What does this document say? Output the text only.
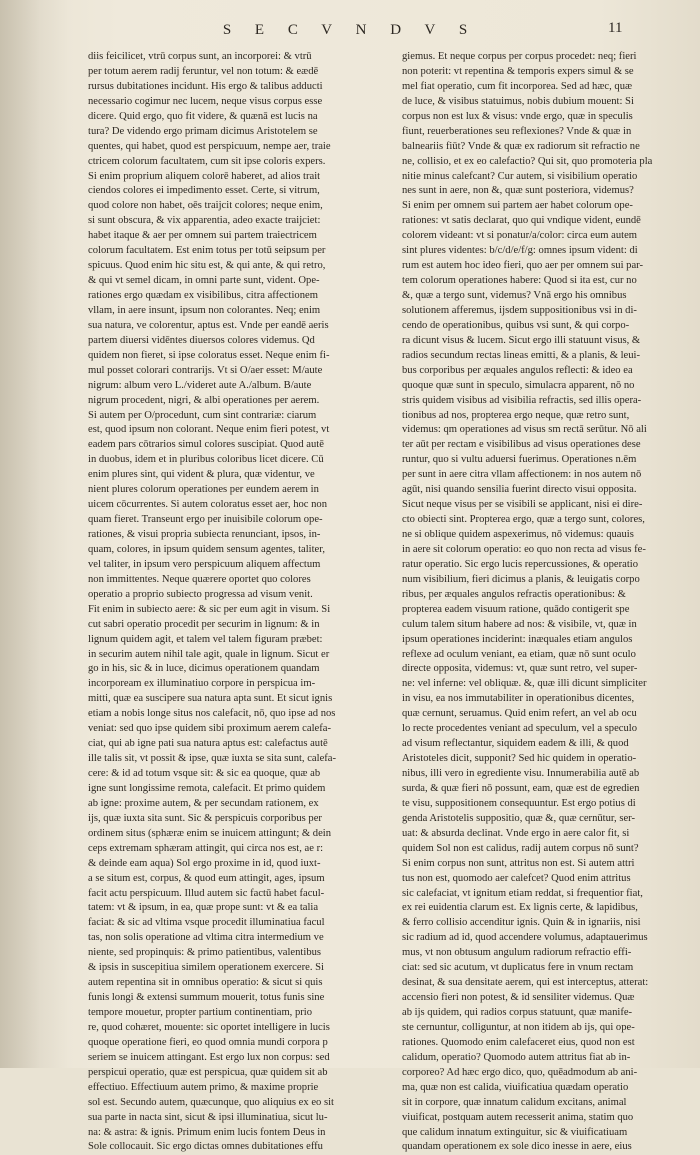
S E C V N D V S	11
diis feicilicet, vtrū corpus sunt, an incorporei: & vtrū
per totum aerem radij feruntur, vel non totum: & eædē
rursus dubitationes incidunt. His ergo & talibus adducti
necessario cogimur nec lucem, neque visus corpus esse
dicere. Quid ergo, quo fit videre, & quænā est lucis na
tura? De videndo ergo primam dicimus Aristotelem se
quentes, qui habet, quod est perspicuum, nempe aer, traie
ctricem colorum facultatem, cum sit ipse coloris expers.
Si enim proprium aliquem colorē haberet, ad alios trait
ciendos colores ei impedimento esset. Certe, si vitrum,
quod colore non habet, oēs traijcit colores; neque enim,
si sunt obscura, & vix apparentia, adeo exacte traijciet:
habet itaque & aer per omnem sui partem traiectricem
colorum facultatem. Est enim totus per totū seipsum per
spicuus. Quod enim hic situ est, & qui ante, & qui retro,
& qui vt semel dicam, in omni parte sunt, vident. Ope-
rationes ergo quædam ex visibilibus, citra affectionem
vllam, in aere insunt, ipsum non colorantes. Neq; enim
sua natura, ve colorentur, aptus est. Vnde per eandē aeris
partem diuersi vidēntes diuersos colores videmus. Qd
quidem non fieret, si ipse coloratus esset. Neque enim fi-
mul posset colorari contrarijs. Vt si O/aer esset: M/aute
nigrum: album vero L./videret aute A./album. B/aute
nigrum procedent, nigri, & albi operationes per aerem.
Si autem per O/procedunt, cum sint contrariæ: ciarum
est, quod ipsum non colorant. Neque enim fieri potest, vt
eadem pars cōtrarios simul colores suscipiat. Quod autē
in duobus, idem et in pluribus coloribus licet dicere. Cū
enim plures sint, qui vident & plura, quæ videntur, ve
nient plures colorum operationes per eundem aerem in
uicem cōcurrentes. Si autem coloratus esset aer, hoc non
quam fieret. Transeunt ergo per inuisibile colorum ope-
rationes, & visui propria subiecta renunciant, ipsos, in-
quam, colores, in ipsum quidem sensum agentes, taliter,
vel taliter, in ipsum vero perspicuum aliquem affectum
non immittentes. Neque quærere oportet quo colores
operatio a proprio subiecto progressa ad visum venit.
Fit enim in subiecto aere: & sic per eum agit in visum. Si
cut sabri operatio procedit per securim in lignum: & in
lignum quidem agit, et talem vel talem figuram præbet:
in securim autem nihil tale agit, quale in lignum. Sicut er
go in his, sic & in luce, dicimus operationem quandam
incorpoream ex illuminatiuo corpore in perspicua im-
mitti, quæ ea suscipere sua natura apta sunt. Et sicut ignis
etiam a nobis longe situs nos calefacit, nō, quo ipse ad nos
veniat: sed quo ipse quidem sibi proximum aerem calefa-
ciat, qui ab igne pati sua natura aptus est: calefactus autē
ille talis sit, vt possit & ipse, quæ iuxta se sita sunt, calefa-
cere: & id ad totum vsque sit: & sic ea quoque, quæ ab
igne sunt longissime remota, calefacit. Et primo quidem
ab igne: proxime autem, & per secundam rationem, ex
ijs, quæ iuxta sita sunt. Sic & perspicuis corporibus per
ordinem situs (sphæræ enim se inuicem attingunt; & dein
ceps extremam sphæram attingit, qui circa nos est, ae r:
& deinde eam aqua) Sol ergo proxime in id, quod iuxt-
a se situm est, corpus, & quod eum attingit, ages, ipsum
facit actu perspicuum. Illud autem sic factū habet facul-
tatem: vt & ipsum, in ea, quæ prope sunt: vt & ea talia
faciat: & sic ad vltima vsque procedit illuminatiua facul
tas, non solis operatione ad vltima citra intermedium ve
niente, sed propinquis: & primo patientibus, valentibus
& ipsis in suscepitiua similem operationem exercere. Si
autem repentina sit in omnibus operatio: & sicut si quis
funis longi & extensi summum mouerit, totus funis sine
tempore mouetur, propter partium continentiam, prio
re, quod cohæret, mouente: sic oportet intelligere in lucis
quoque operatione fieri, eo quod omnia mundi corpora p
seriem se inuicem attingant. Est ergo lux non corpus: sed
perspicui operatio, quæ est perspicua, quæ quidem sit ab
effectiuo. Effectiuum autem primo, & maxime proprie
sol est. Secundo autem, quæcunque, quo aliquius ex eo sit
sua parte in nacta sint, sicut & ipsi illuminatiua, sicut lu-
na: & astra: & ignis. Primum enim lucis fontem Deus in
Sole collocauit. Sic ergo dictas omnes dubitationes effu
giemus. Et neque corpus per corpus procedet: neq; fieri
non poterit: vt repentina & temporis expers simul & se
mel fiat operatio, cum fit incorporea. Sed ad hæc, quæ
de luce, & visibus statuimus, nobis dubium mouent: Si
corpus non est lux & visus: vnde ergo, quæ in speculis
fiunt, reuerberationes seu reflexiones? Vnde & quæ in
balneariis fiūt? Vnde & quæ ex radiorum sit refractio ne
ne, collisio, et ex eo calefactio? Qui sit, quo promoteria pla
nitie minus calefcant? Cur autem, si visibilium operatio
nes sunt in aere, non &, quæ sunt posteriora, videmus?
Si enim per omnem sui partem aer habet colorum ope-
rationes: vt satis declarat, quo qui vndique vident, eundē
colorem videant: vt si ponatur/a/color: circa eum autem
sint plures videntes: b/c/d/e/f/g: omnes ipsum vident: di
rum est autem hoc ideo fieri, quo aer per omnem sui par-
tem colorum operationes habere: Quod si ita est, cur no
&, quæ a tergo sunt, videmus? Vnā ergo his omnibus
solutionem afferemus, ijsdem suppositionibus vsi in di-
cendo de operationibus, quibus vsi sunt, & qui corpo-
ra dicunt visus & lucem. Sicut ergo illi statuunt visus, &
radios secundum rectas lineas emitti, & a planis, & leui-
bus corporibus per æquales angulos reflecti: & ideo ea
quoque quæ sunt in speculo, simulacra apparent, nō no
stris quidem visibus ad visibilia refractis, sed illis opera-
tionibus ad nos, propterea ergo neque, quæ retro sunt,
videmus: qm operationes ad visus sm rectā serūtur. Nō ali
ter aūt per rectam e visibilibus ad visus operationes dese
runtur, quo si vultu aduersi fuerimus. Operationes n.ēm
per sunt in aere citra vllam affectionem: in nos autem nō
agūt, nisi quando sensilia fuerint directo visui opposita.
Sicut neque visus per se visibili se applicant, nisi ei dire-
cto obiecti sint. Propterea ergo, quæ a tergo sunt, colores,
ne si oblique quidem aspexerimus, nō videmus: quauis
in aere sit colorum operatio: eo quo non recta ad visus fe-
ratur operatio. Sic ergo lucis repercussiones, & operatio
num visibilium, fieri dicimus a planis, & leuigatis corpo
ribus, per æquales angulos refractis operationibus: &
propterea eadem visuum ratione, quādo contigerit spe
culum talem situm habere ad nos: & visibile, vt, quæ in
ipsum operationes inciderint: inæquales etiam angulos
reflexe ad oculum veniant, ea etiam, quæ nō sunt oculo
directe opposita, videmus: vt, quæ sunt retro, vel super-
ne: vel inferne: vel obliquæ. &, quæ illi dicunt simpliciter
in visu, ea nos immutabiliter in operationibus dicentes,
quæ cernunt, seruamus. Quid enim refert, an vel ab ocu
lo recte procedentes veniant ad speculum, vel a speculo
ad visum reflectantur, siquidem eadem & illi, & quod
Aristoteles dicit, supponit? Sed hic quidem in operatio-
nibus, illi vero in egrediente visu. Innumerabilia autē ab
surda, & quæ fieri nō possunt, eam, quæ est de egredien
te visu, suppositionem consequuntur. Est ergo potius di
genda Aristotelis suppositio, quæ &, quæ cernūtur, ser-
uat: & absurda declinat. Vnde ergo in aere calor fit, si
quidem Sol non est calidus, radij autem corpus nō sunt?
Si enim corpus non sunt, attritus non est. Si autem attri
tus non est, quomodo aer calefcet? Quod enim attritus
sic calefaciat, vt ignitum etiam reddat, si frequentior fiat,
ex rei euidentia clarum est. Ex lignis certe, & lapidibus,
& ferro collisio accenditur ignis. Quin & in ignariis, nisi
sic radium ad id, quod accendere volumus, adaptauerimus
mus, vt non obtusum angulum radiorum refractio effi-
ciat: sed sic acutum, vt duplicatus fere in vnum rectam
desinat, & sua densitate aerem, qui est interceptus, atterat:
accensio fieri non potest, & id sensiliter videmus. Quæ
ab ijs quidem, qui radios corpus statuunt, quæ manife-
ste cernuntur, colliguntur, at non itidem ab ijs, qui ope-
rationes. Quomodo enim calefaceret eius, quod non est
calidum, operatio? Quomodo autem attritus fiat ab in-
corporeo? Ad hæc ergo dico, quo, quēadmodum ab ani-
ma, quæ non est calida, viuificatiua quædam operatio
sit in corpore, quæ innatum calidum excitans, animal
viuificat, postquam autem recesserit anima, statim quo
que calidum innatum extinguitur, sic & viuificatiuam
quandam operationem ex sole dico inesse in aere, eius
